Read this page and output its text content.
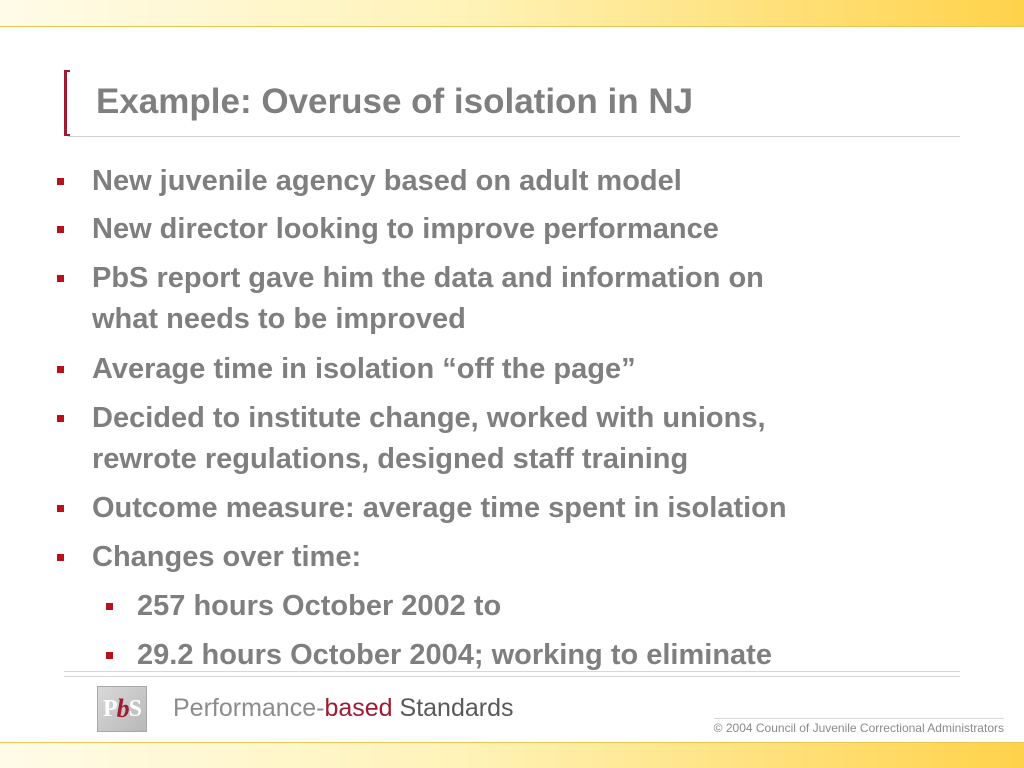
Example: Overuse of isolation in NJ
New juvenile agency based on adult model
New director looking to improve performance
PbS report gave him the data and information on
what needs to be improved
Average time in isolation “off the page”
Decided to institute change, worked with unions,
rewrote regulations, designed staff training
Outcome measure: average time spent in isolation
Changes over time:
257 hours October 2002 to
29.2 hours October 2004; working to eliminate
P b S Performance-based Standards
© 2004 Council of Juvenile Correctional Administrators
